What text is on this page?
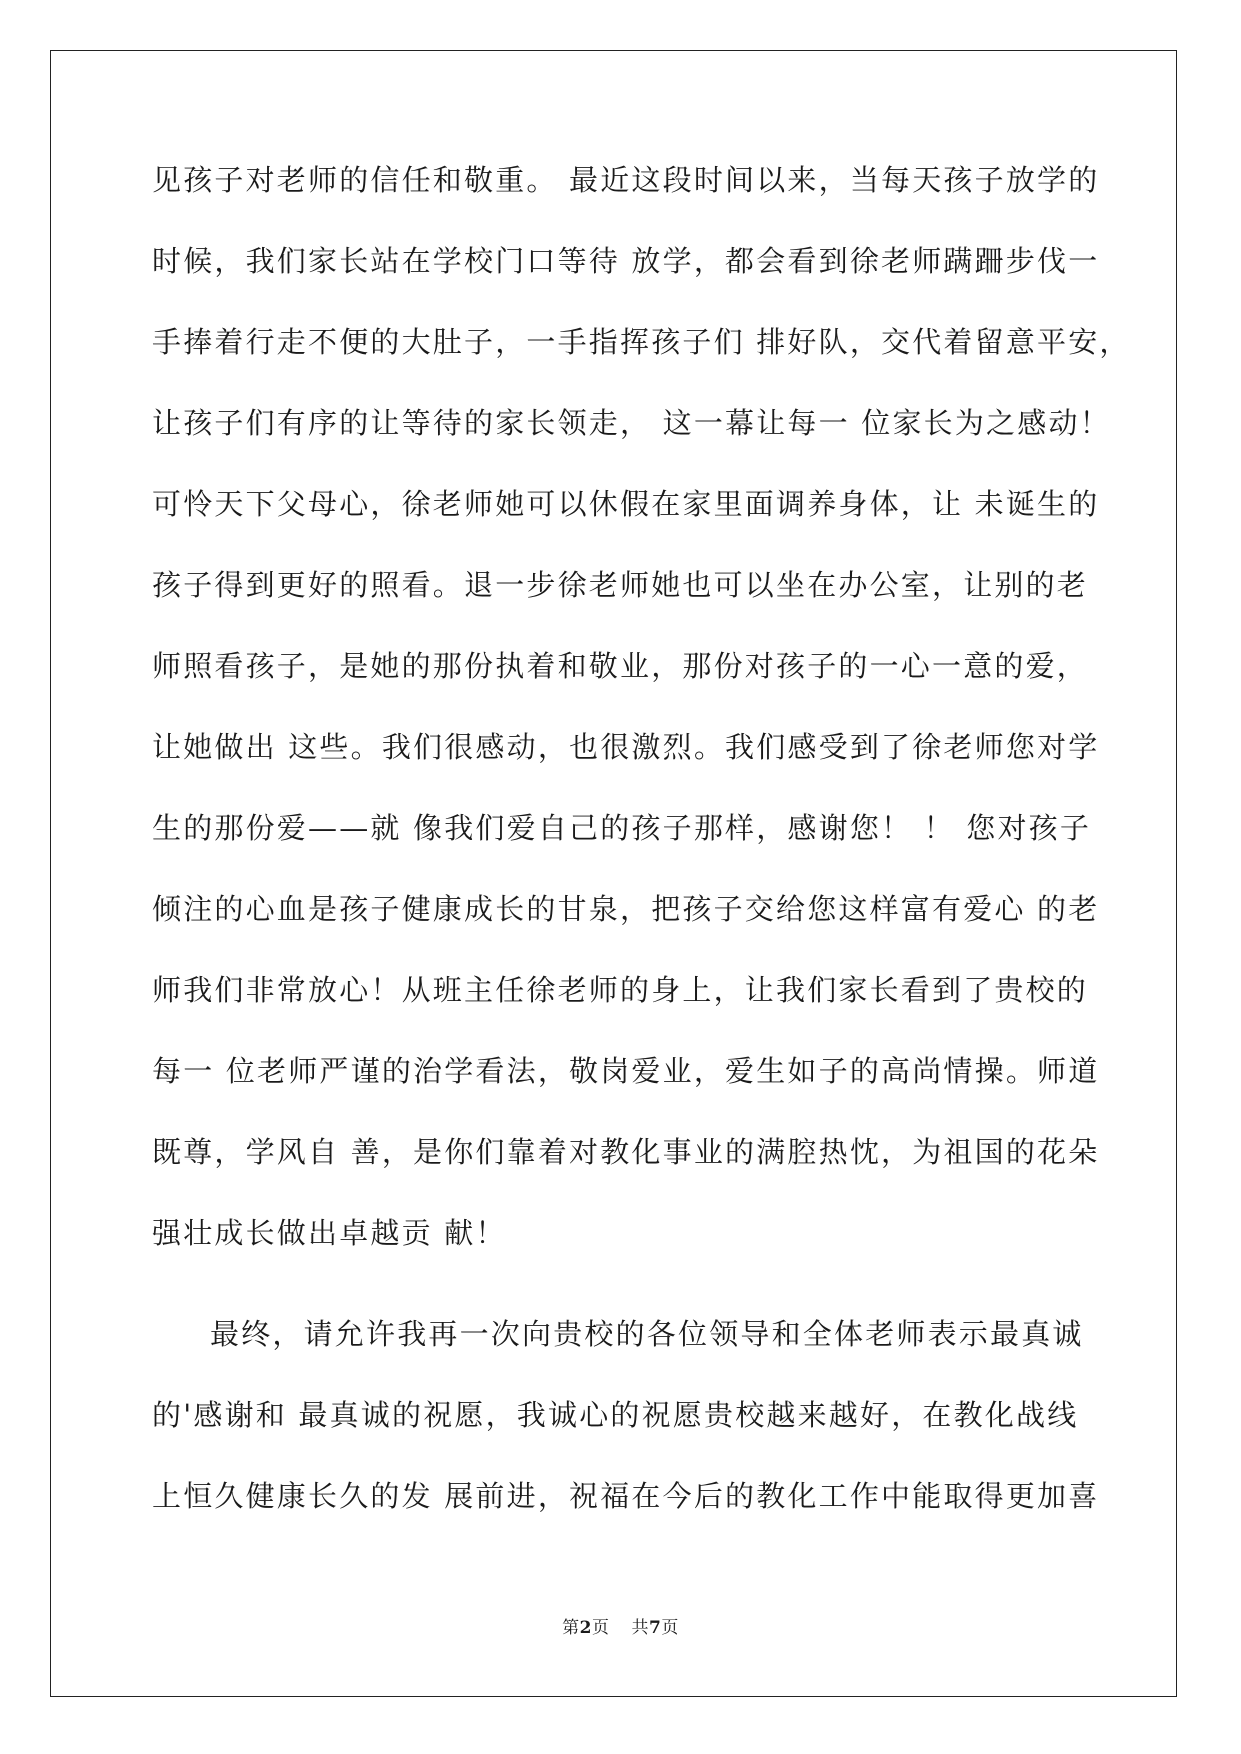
见孩子对老师的信任和敬重。 最近这段时间以来，当每天孩子放学的
时候，我们家长站在学校门口等待 放学，都会看到徐老师蹒跚步伐一
手捧着行走不便的大肚子，一手指挥孩子们 排好队，交代着留意平安，
让孩子们有序的让等待的家长领走， 这一幕让每一 位家长为之感动！
可怜天下父母心，徐老师她可以休假在家里面调养身体，让 未诞生的
孩子得到更好的照看。退一步徐老师她也可以坐在办公室，让别的老
师照看孩子，是她的那份执着和敬业，那份对孩子的一心一意的爱，
让她做出 这些。我们很感动，也很激烈。我们感受到了徐老师您对学
生的那份爱——就 像我们爱自己的孩子那样，感谢您！ ！ 您对孩子
倾注的心血是孩子健康成长的甘泉，把孩子交给您这样富有爱心 的老
师我们非常放心！从班主任徐老师的身上，让我们家长看到了贵校的
每一 位老师严谨的治学看法，敬岗爱业，爱生如子的高尚情操。师道
既尊，学风自 善，是你们靠着对教化事业的满腔热忱，为祖国的花朵
强壮成长做出卓越贡 献！
最终，请允许我再一次向贵校的各位领导和全体老师表示最真诚
的'感谢和 最真诚的祝愿，我诚心的祝愿贵校越来越好，在教化战线
上恒久健康长久的发 展前进，祝福在今后的教化工作中能取得更加喜
第2页 共7页
